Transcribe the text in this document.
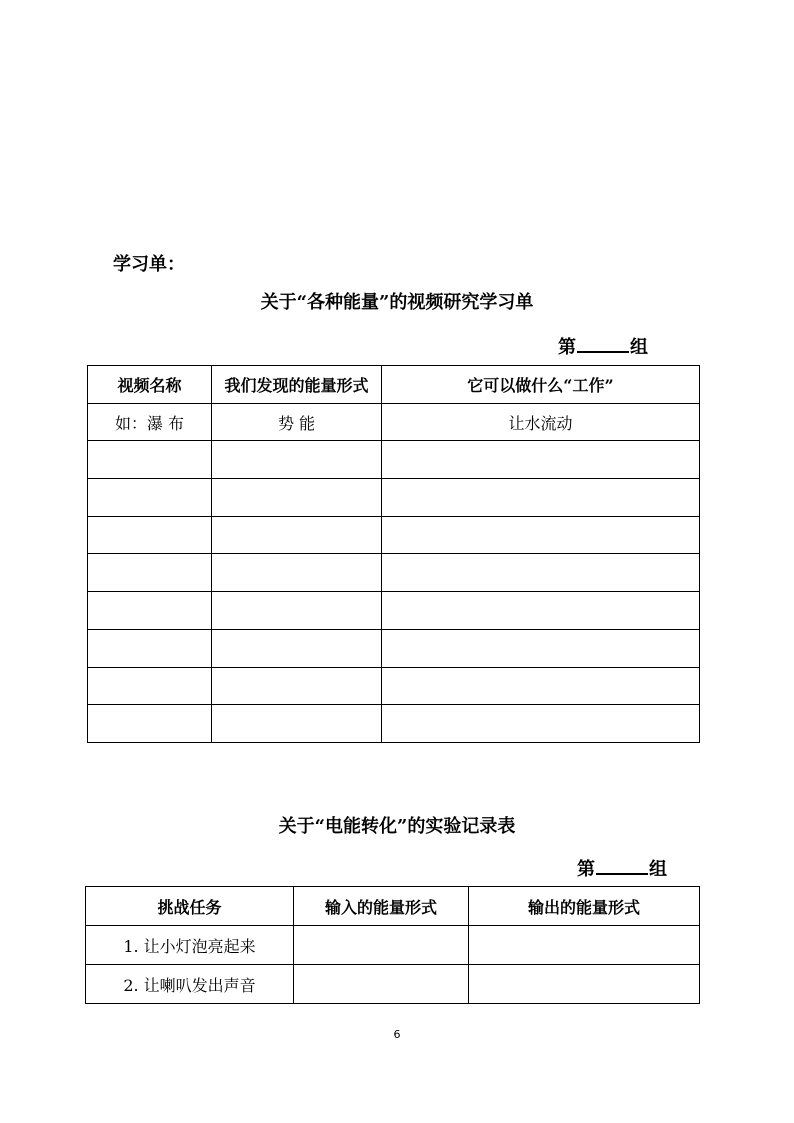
学习单：
关于“各种能量”的视频研究学习单
第	组
视频名称	我们发现的能量形式	它可以做什么“工作”
如：瀑 布	势 能	让水流动

关于“电能转化”的实验记录表
第	组
挑战任务	输入的能量形式	输出的能量形式
1. 让小灯泡亮起来		
2. 让喇叭发出声音		
6
